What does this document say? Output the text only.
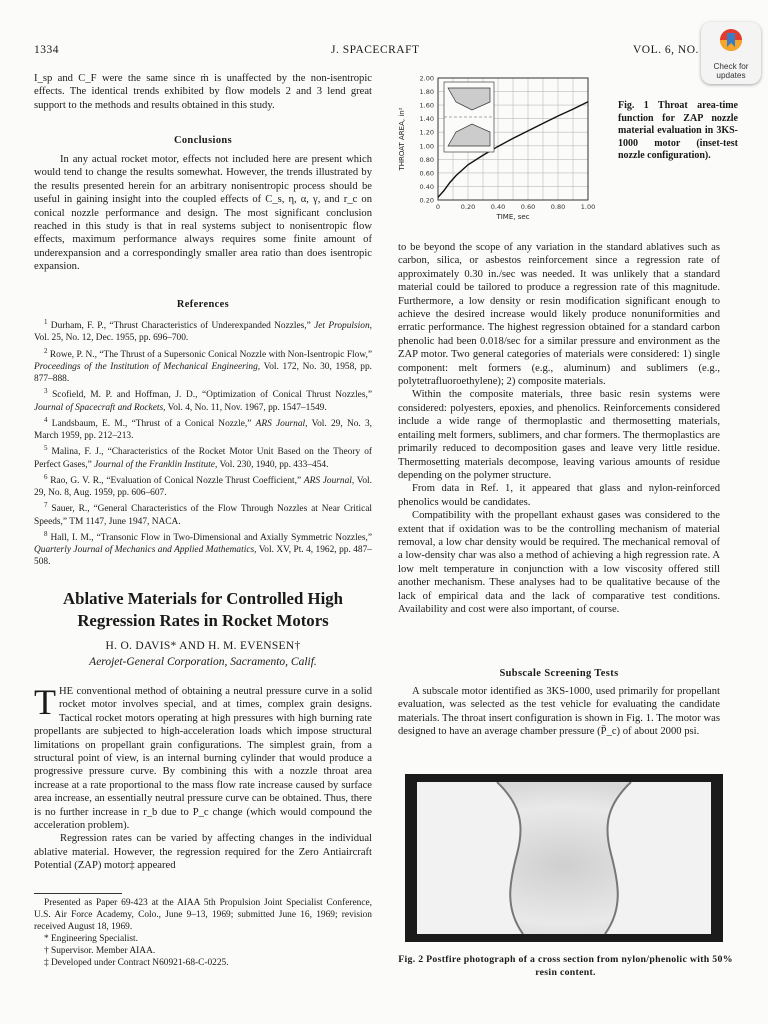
1334	J. SPACECRAFT	VOL. 6, NO.
Check for
updates

I_sp and C_F were the same since ṁ is unaffected by the non-isentropic effects. The identical trends exhibited by flow models 2 and 3 lend great support to the methods and results obtained in this study.

Conclusions
In any actual rocket motor, effects not included here are present which would tend to change the results somewhat. However, the trends illustrated by the results presented herein for an arbitrary nonisentropic process should be useful in gaining insight into the coupled effects of C_s, η, α, γ, and r_c on conical nozzle performance and design. The most significant conclusion reached in this study is that in real systems subject to nonisentropic flow effects, maximum performance always requires some finite amount of underexpansion and a correspondingly smaller area ratio than does isentropic expansion.
References

$^1$ Durham, F. P., “Thrust Characteristics of Underexpanded Nozzles,” Jet Propulsion, Vol. 25, No. 12, Dec. 1955, pp. 696–700.

$^2$ Rowe, P. N., “The Thrust of a Supersonic Conical Nozzle with Non-Isentropic Flow,” Proceedings of the Institution of Mechanical Engineering, Vol. 172, No. 30, 1958, pp. 877–888.

$^3$ Scofield, M. P. and Hoffman, J. D., “Optimization of Conical Thrust Nozzles,” Journal of Spacecraft and Rockets, Vol. 4, No. 11, Nov. 1967, pp. 1547–1549.

$^4$ Landsbaum, E. M., “Thrust of a Conical Nozzle,” ARS Journal, Vol. 29, No. 3, March 1959, pp. 212–213.

$^5$ Malina, F. J., “Characteristics of the Rocket Motor Unit Based on the Theory of Perfect Gases,” Journal of the Franklin Institute, Vol. 230, 1940, pp. 433–454.

$^6$ Rao, G. V. R., “Evaluation of Conical Nozzle Thrust Coefficient,” ARS Journal, Vol. 29, No. 8, Aug. 1959, pp. 606–607.

$^7$ Sauer, R., “General Characteristics of the Flow Through Nozzles at Near Critical Speeds,” TM 1147, June 1947, NACA.

$^8$ Hall, I. M., “Transonic Flow in Two-Dimensional and Axially Symmetric Nozzles,” Quarterly Journal of Mechanics and Applied Mathematics, Vol. XV, Pt. 4, 1962, pp. 487–508.

Ablative Materials for Controlled High
Regression Rates in Rocket Motors
H. O. DAVIS* AND H. M. EVENSEN†
Aerojet-General Corporation, Sacramento, Calif.

THE conventional method of obtaining a neutral pressure curve in a solid rocket motor involves special, and at times, complex grain designs. Tactical rocket motors operating at high pressures with high burning rate propellants are subjected to high-acceleration loads which impose structural limitations on propellant grain configurations. The simplest grain, from a structural point of view, is an internal burning cylinder that would produce a progressive pressure curve. By combining this with a nozzle throat area increase at a rate proportional to the mass flow rate increase caused by surface area increase, an essentially neutral pressure curve can be obtained. Thus, there is no further increase in r_b due to P_c change (which would compound the acceleration problem).

Regression rates can be varied by affecting changes in the individual ablative material. However, the regression required for the Zero Antiaircraft Potential (ZAP) motor‡ appeared

Presented as Paper 69-423 at the AIAA 5th Propulsion Joint Specialist Conference, U.S. Air Force Academy, Colo., June 9–13, 1969; submitted June 16, 1969; revision received August 18, 1969.
* Engineering Specialist.
† Supervisor. Member AIAA.
‡ Developed under Contract N60921-68-C-0225.
0.20
0.40
0.60
0.80
1.00
1.20
1.40
1.60
1.80
2.00
0	0.20 0.40 0.60 0.80 1.00
TIME, sec
THROAT AREA, in²
Fig. 1 Throat area-time function for ZAP nozzle material evaluation in 3KS-1000 motor (inset-test nozzle configuration).

to be beyond the scope of any variation in the standard ablatives such as carbon, silica, or asbestos reinforcement since a regression rate of approximately 0.30 in./sec was needed. It was unlikely that a standard material could be tailored to produce a regression rate of this magnitude. Furthermore, a low density or resin modification significant enough to achieve the desired increase would likely produce nonuniformities and erratic performance. The highest regression obtained for a standard carbon phenolic had been 0.018/sec for a similar pressure and environment as the ZAP motor. Two general categories of materials were considered: 1) single component: melt formers (e.g., aluminum) and sublimers (e.g., polytetrafluoroethylene); 2) composite materials.

Within the composite materials, three basic resin systems were considered: polyesters, epoxies, and phenolics. Reinforcements considered include a wide range of thermoplastic and thermosetting materials, entailing melt formers, sublimers, and char formers. The thermoplastics are primarily reduced to decomposition gases and leave very little residue. Thermosetting materials decompose, leaving various amounts of residue depending on the polymer structure.

From data in Ref. 1, it appeared that glass and nylon-reinforced phenolics would be candidates.

Compatibility with the propellant exhaust gases was considered to the extent that if oxidation was to be the controlling mechanism of material removal, a low char density would be required. The mechanical removal of a low-density char was also a method of achieving a high regression rate. A low melt temperature in conjunction with a low viscosity offered still another mechanism. These analyses had to be qualitative because of the lack of empirical data and the lack of comparative test conditions. Availability and cost were also important, of course.

Subscale Screening Tests
A subscale motor identified as 3KS-1000, used primarily for propellant evaluation, was selected as the test vehicle for evaluating the candidate materials. The throat insert configuration is shown in Fig. 1. The motor was designed to have an average chamber pressure (P̄_c) of about 2000 psi.
Fig. 2 Postfire photograph of a cross section from nylon/phenolic with 50% resin content.
